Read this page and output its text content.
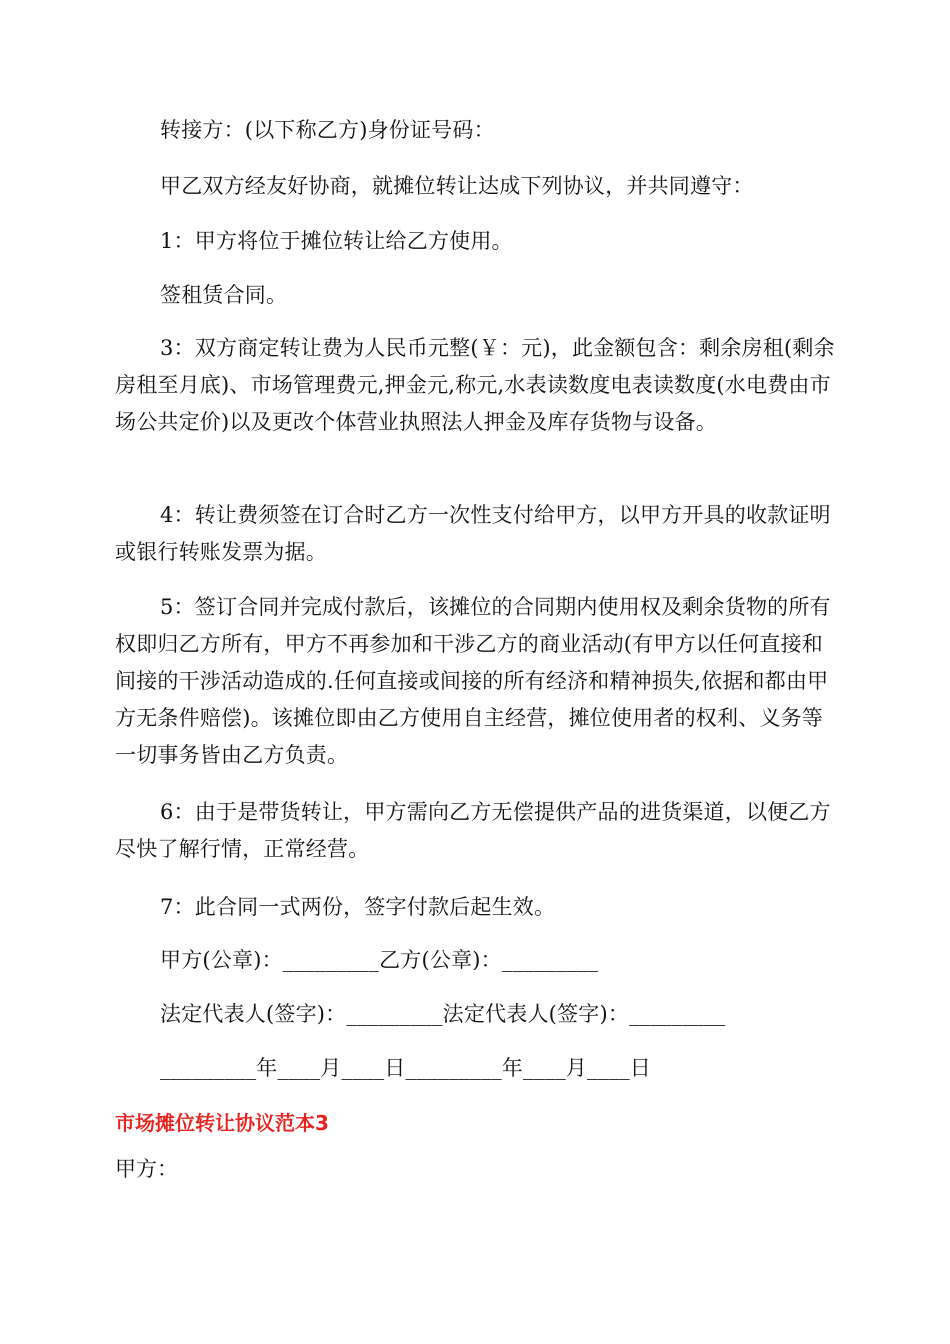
转接方：(以下称乙方)身份证号码：

甲乙双方经友好协商，就摊位转让达成下列协议，并共同遵守：

1：甲方将位于摊位转让给乙方使用。

签租赁合同。

3：双方商定转让费为人民币元整(￥：元)，此金额包含：剩余房租(剩余房租至月底)、市场管理费元,押金元,称元,水表读数度电表读数度(水电费由市场公共定价)以及更改个体营业执照法人押金及库存货物与设备。

4：转让费须签在订合时乙方一次性支付给甲方，以甲方开具的收款证明或银行转账发票为据。

5：签订合同并完成付款后，该摊位的合同期内使用权及剩余货物的所有权即归乙方所有，甲方不再参加和干涉乙方的商业活动(有甲方以任何直接和间接的干涉活动造成的.任何直接或间接的所有经济和精神损失,依据和都由甲方无条件赔偿)。该摊位即由乙方使用自主经营，摊位使用者的权利、义务等一切事务皆由乙方负责。

6：由于是带货转让，甲方需向乙方无偿提供产品的进货渠道，以便乙方尽快了解行情，正常经营。

7：此合同一式两份，签字付款后起生效。

甲方(公章)：_________乙方(公章)：_________

法定代表人(签字)：_________法定代表人(签字)：_________

_________年____月____日_________年____月____日

市场摊位转让协议范本3

甲方：
